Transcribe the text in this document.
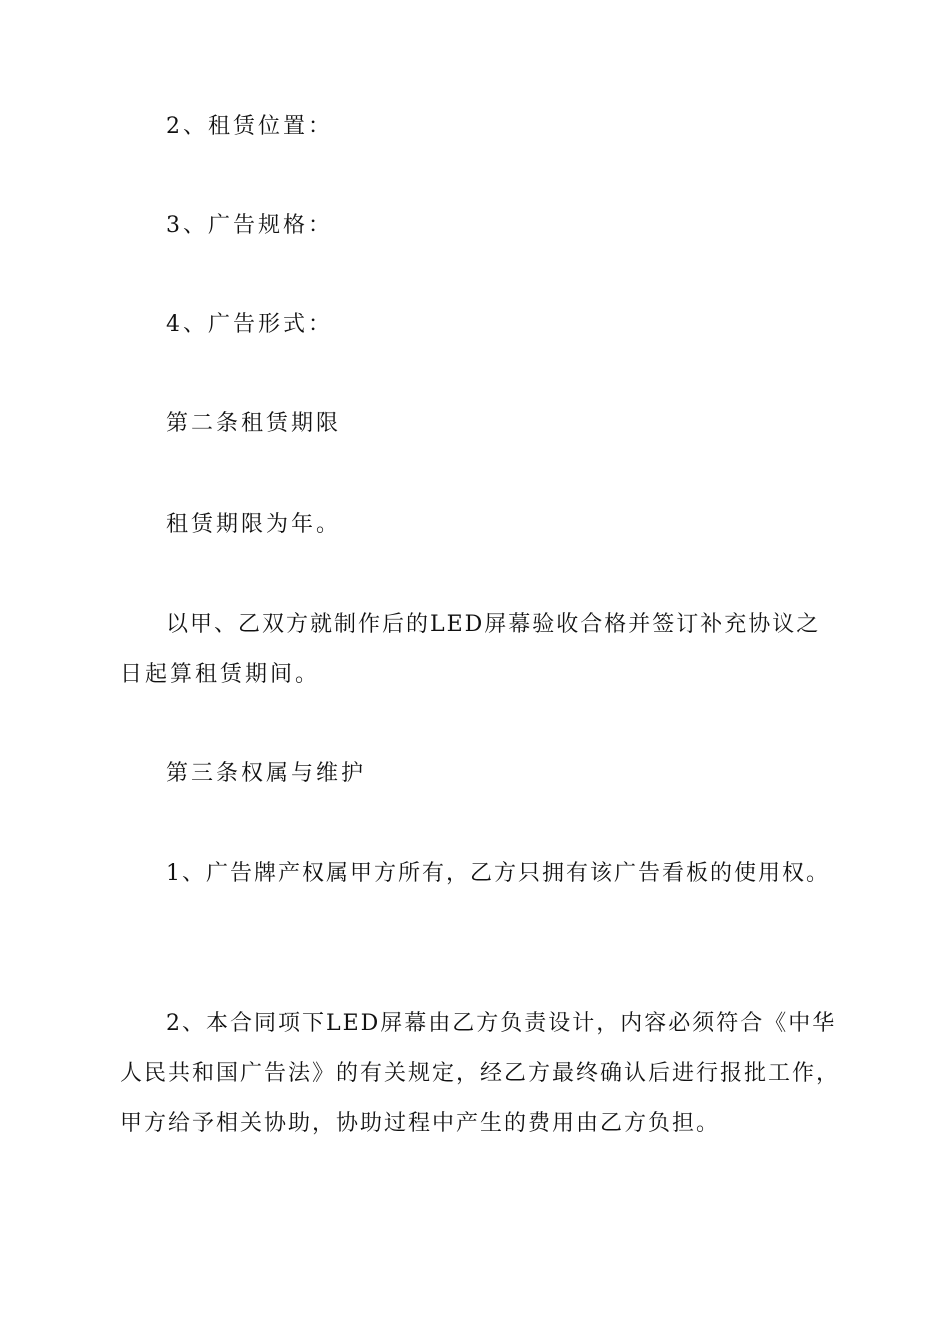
2、租赁位置：
3、广告规格：
4、广告形式：
第二条租赁期限
租赁期限为年。
以甲、乙双方就制作后的LED屏幕验收合格并签订补充协议之
日起算租赁期间。
第三条权属与维护
1、广告牌产权属甲方所有，乙方只拥有该广告看板的使用权。
2、本合同项下LED屏幕由乙方负责设计，内容必须符合《中华
人民共和国广告法》的有关规定，经乙方最终确认后进行报批工作，
甲方给予相关协助，协助过程中产生的费用由乙方负担。
